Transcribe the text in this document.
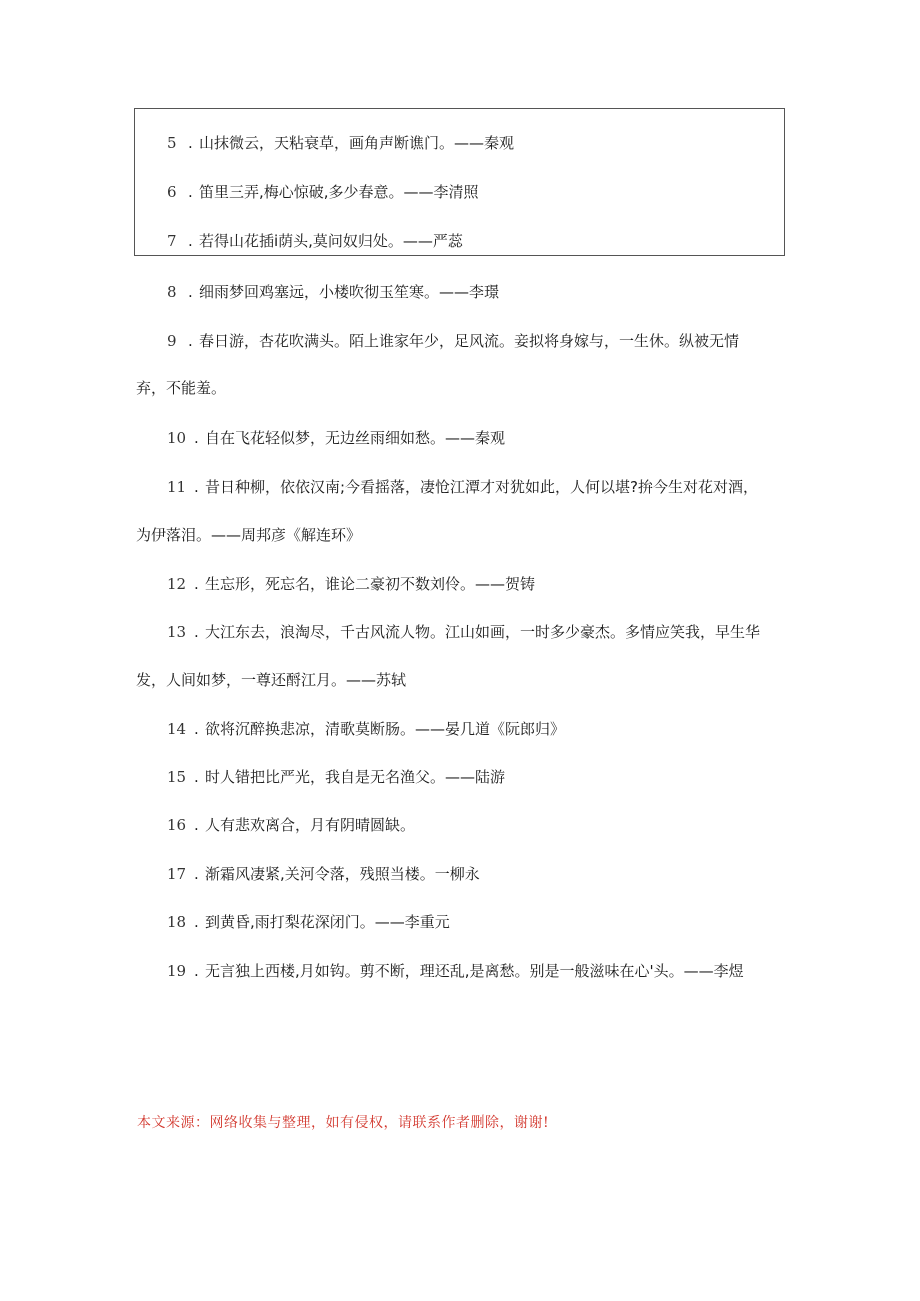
5 . 山抹微云，天粘衰草，画角声断谯门。——秦观
6 . 笛里三弄,梅心惊破,多少春意。——李清照
7 . 若得山花插i荫头,莫问奴归处。——严蕊
8 . 细雨梦回鸡塞远，小楼吹彻玉笙寒。——李璟
9 . 春日游，杏花吹满头。陌上谁家年少，足风流。妾拟将身嫁与，一生休。纵被无情
弃，不能羞。
10 . 自在飞花轻似梦，无边丝雨细如愁。——秦观
11 . 昔日种柳，依依汉南;今看摇落，凄怆江潭才对犹如此，人何以堪?拚今生对花对酒，
为伊落泪。——周邦彦《解连环》
12 . 生忘形，死忘名，谁论二豪初不数刘伶。——贺铸
13 . 大江东去，浪淘尽，千古风流人物。江山如画，一时多少豪杰。多情应笑我，早生华
发，人间如梦，一尊还酹江月。——苏轼
14 . 欲将沉醉换悲凉，清歌莫断肠。——晏几道《阮郎归》
15 . 时人错把比严光，我自是无名渔父。——陆游
16 . 人有悲欢离合，月有阴晴圆缺。
17 . 渐霜风凄紧,关河令落，残照当楼。一柳永
18 . 到黄昏,雨打梨花深闭门。——李重元
19 . 无言独上西楼,月如钩。剪不断，理还乱,是离愁。别是一般滋味在心'头。——李煜
本文来源：网络收集与整理，如有侵权，请联系作者删除，谢谢!
